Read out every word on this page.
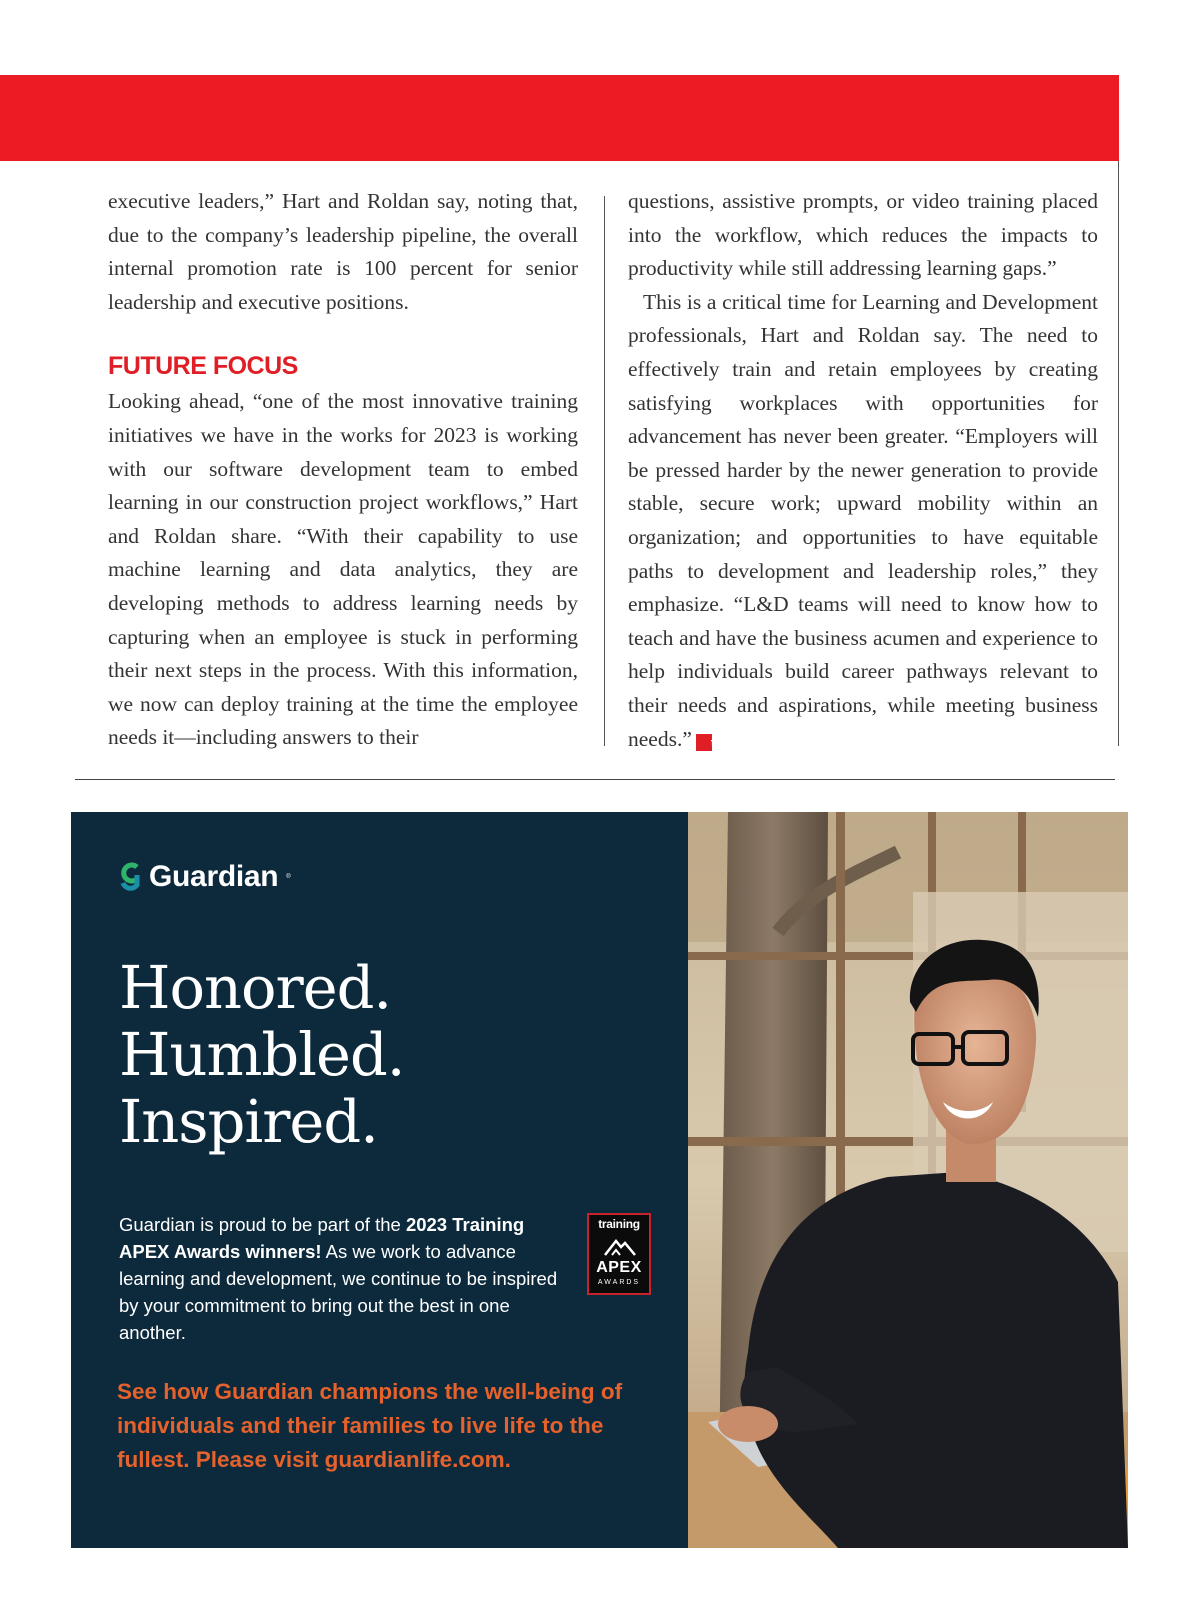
executive leaders,” Hart and Roldan say, noting that, due to the company’s leadership pipeline, the overall internal promotion rate is 100 percent for senior leadership and executive positions.

FUTURE FOCUS

Looking ahead, “one of the most innovative training initiatives we have in the works for 2023 is working with our software development team to embed learning in our construction project workflows,” Hart and Roldan share. “With their capability to use machine learning and data analytics, they are developing methods to address learning needs by capturing when an employee is stuck in performing their next steps in the process. With this information, we now can deploy training at the time the employee needs it—including answers to their

questions, assistive prompts, or video training placed into the workflow, which reduces the impacts to productivity while still addressing learning gaps.”

This is a critical time for Learning and Development professionals, Hart and Roldan say. The need to effectively train and retain employees by creating satisfying workplaces with opportunities for advancement has never been greater. “Employers will be pressed harder by the newer generation to provide stable, secure work; upward mobility within an organization; and opportunities to have equitable paths to development and leadership roles,” they emphasize. “L&D teams will need to know how to teach and have the business acumen and experience to help individuals build career pathways relevant to their needs and aspirations, while meeting business needs.” t

Guardian ®
Honored.
Humbled.
Inspired.

Guardian is proud to be part of the 2023 Training APEX Awards winners! As we work to advance learning and development, we continue to be inspired by your commitment to bring out the best in one another.

training
APEX
AWARDS

See how Guardian champions the well-being of individuals and their families to live life to the fullest. Please visit guardianlife.com.
